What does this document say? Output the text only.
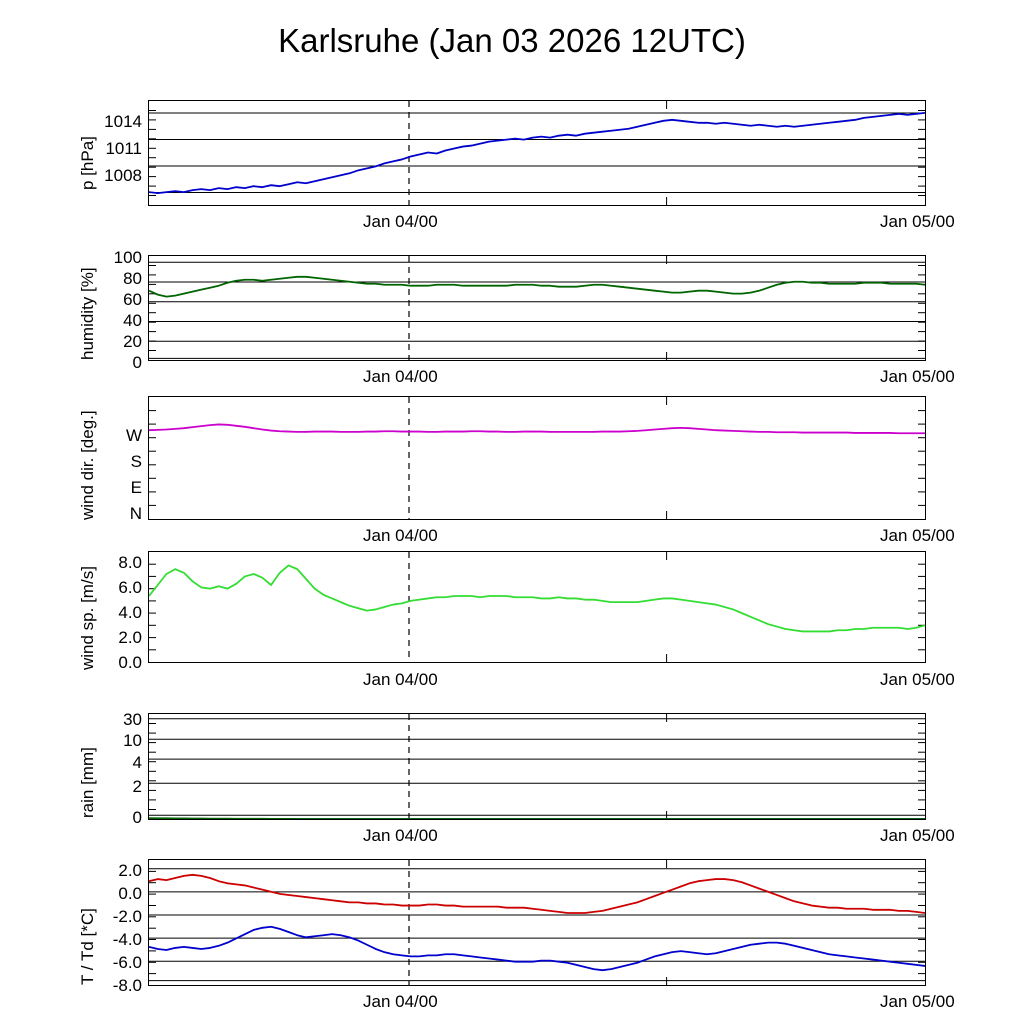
Karlsruhe (Jan 03 2026 12UTC)
p [hPa]
1014
1011
1008
Jan 04/00	Jan 05/00
humidity [%]
100
80
60
40
20
0
Jan 04/00	Jan 05/00
wind dir. [deg.]	W
S
E
N
Jan 04/00	Jan 05/00
wind sp. [m/s]
8.0
6.0
4.0
2.0
0.0
Jan 04/00	Jan 05/00
rain [mm]
30
10
4
2
0
Jan 04/00	Jan 05/00
T / Td [*C]
2.0
0.0
-2.0
-4.0
-6.0
-8.0
Jan 04/00	Jan 05/00
